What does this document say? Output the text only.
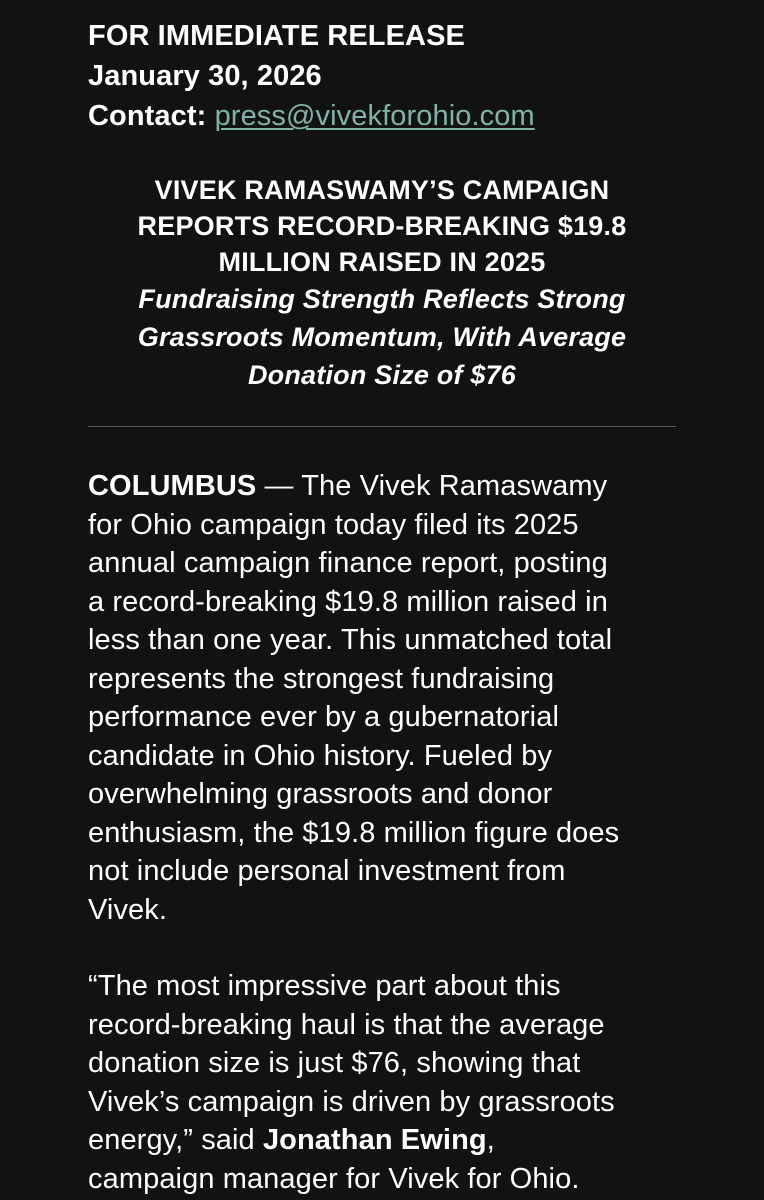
FOR IMMEDIATE RELEASE
January 30, 2026
Contact: press@vivekforohio.com
VIVEK RAMASWAMY’S CAMPAIGN
REPORTS RECORD-BREAKING $19.8
MILLION RAISED IN 2025
Fundraising Strength Reflects Strong
Grassroots Momentum, With Average
Donation Size of $76
COLUMBUS — The Vivek Ramaswamy
for Ohio campaign today filed its 2025
annual campaign finance report, posting
a record-breaking $19.8 million raised in
less than one year. This unmatched total
represents the strongest fundraising
performance ever by a gubernatorial
candidate in Ohio history. Fueled by
overwhelming grassroots and donor
enthusiasm, the $19.8 million figure does
not include personal investment from
Vivek.
“The most impressive part about this
record-breaking haul is that the average
donation size is just $76, showing that
Vivek’s campaign is driven by grassroots
energy,” said Jonathan Ewing,
campaign manager for Vivek for Ohio.
